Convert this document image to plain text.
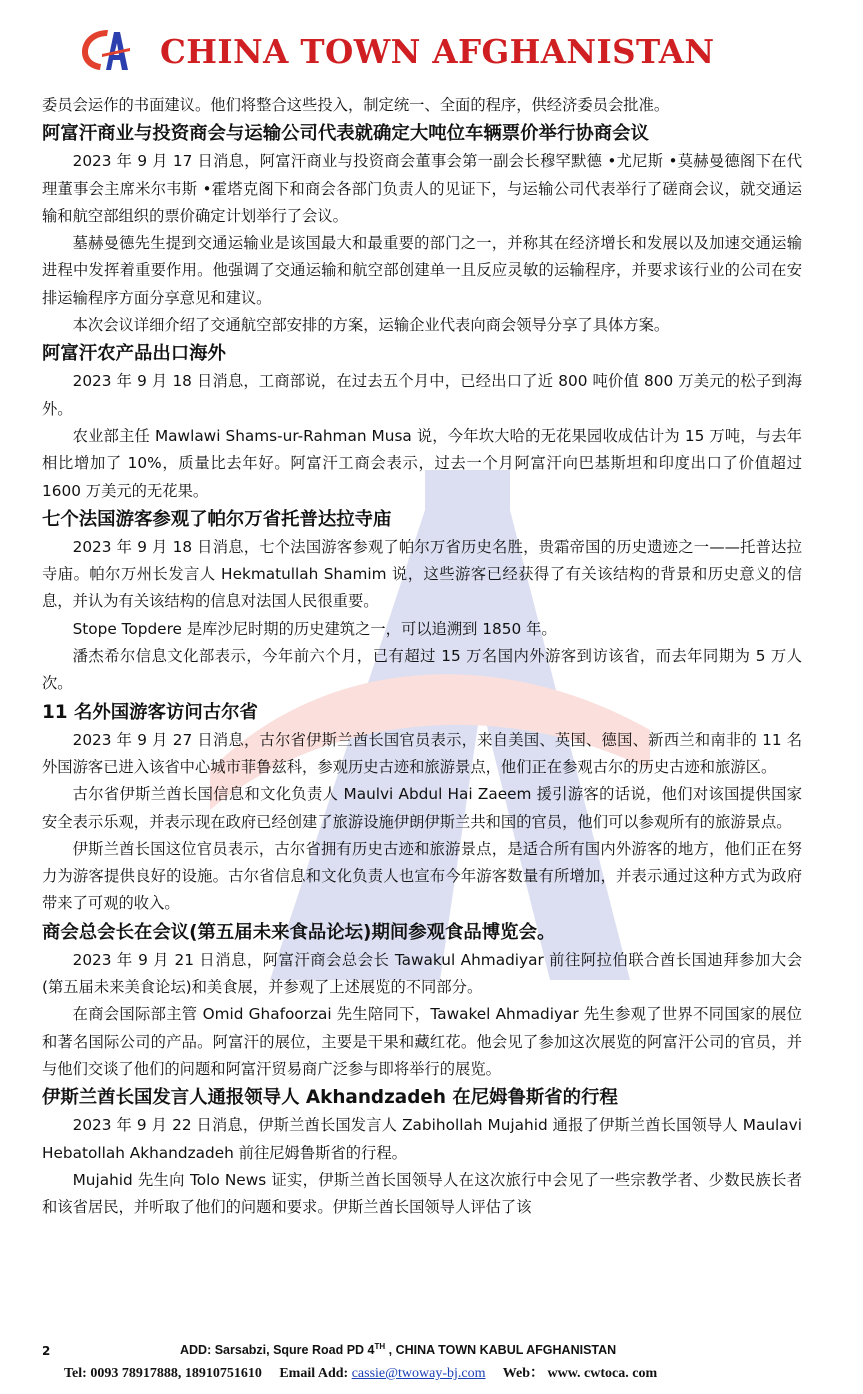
CHINA TOWN AFGHANISTAN

委员会运作的书面建议。他们将整合这些投入，制定统一、全面的程序，供经济委员会批准。

阿富汗商业与投资商会与运输公司代表就确定大吨位车辆票价举行协商会议

2023 年 9 月 17 日消息，阿富汗商业与投资商会董事会第一副会长穆罕默德 •尤尼斯 •莫赫曼德阁下在代理董事会主席米尔韦斯 •霍塔克阁下和商会各部门负责人的见证下，与运输公司代表举行了磋商会议，就交通运输和航空部组织的票价确定计划举行了会议。

墓赫曼德先生提到交通运输业是该国最大和最重要的部门之一，并称其在经济增长和发展以及加速交通运输进程中发挥着重要作用。他强调了交通运输和航空部创建单一且反应灵敏的运输程序，并要求该行业的公司在安排运输程序方面分享意见和建议。

本次会议详细介绍了交通航空部安排的方案，运输企业代表向商会领导分享了具体方案。

阿富汗农产品出口海外

2023 年 9 月 18 日消息，工商部说，在过去五个月中，已经出口了近 800 吨价值 800 万美元的松子到海外。

农业部主任 Mawlawi Shams-ur-Rahman Musa 说，今年坎大哈的无花果园收成估计为 15 万吨，与去年相比增加了 10%，质量比去年好。阿富汗工商会表示，过去一个月阿富汗向巴基斯坦和印度出口了价值超过 1600 万美元的无花果。

七个法国游客参观了帕尔万省托普达拉寺庙

2023 年 9 月 18 日消息，七个法国游客参观了帕尔万省历史名胜，贵霜帝国的历史遗迹之一——托普达拉寺庙。帕尔万州长发言人 Hekmatullah Shamim 说，这些游客已经获得了有关该结构的背景和历史意义的信息，并认为有关该结构的信息对法国人民很重要。

Stope Topdere 是库沙尼时期的历史建筑之一，可以追溯到 1850 年。

潘杰希尔信息文化部表示，今年前六个月，已有超过 15 万名国内外游客到访该省，而去年同期为 5 万人次。

11 名外国游客访问古尔省

2023 年 9 月 27 日消息，古尔省伊斯兰酋长国官员表示，来自美国、英国、德国、新西兰和南非的 11 名外国游客已进入该省中心城市菲鲁兹科，参观历史古迹和旅游景点，他们正在参观古尔的历史古迹和旅游区。

古尔省伊斯兰酋长国信息和文化负责人 Maulvi Abdul Hai Zaeem 援引游客的话说，他们对该国提供国家安全表示乐观，并表示现在政府已经创建了旅游设施伊朗伊斯兰共和国的官员，他们可以参观所有的旅游景点。

伊斯兰酋长国这位官员表示，古尔省拥有历史古迹和旅游景点，是适合所有国内外游客的地方，他们正在努力为游客提供良好的设施。古尔省信息和文化负责人也宣布今年游客数量有所增加，并表示通过这种方式为政府带来了可观的收入。

商会总会长在会议(第五届未来食品论坛)期间参观食品博览会。

2023 年 9 月 21 日消息，阿富汗商会总会长 Tawakul Ahmadiyar 前往阿拉伯联合酋长国迪拜参加大会(第五届未来美食论坛)和美食展，并参观了上述展览的不同部分。

在商会国际部主管 Omid Ghafoorzai 先生陪同下，Tawakel Ahmadiyar 先生参观了世界不同国家的展位和著名国际公司的产品。阿富汗的展位，主要是干果和藏红花。他会见了参加这次展览的阿富汗公司的官员，并与他们交谈了他们的问题和阿富汗贸易商广泛参与即将举行的展览。

伊斯兰酋长国发言人通报领导人 Akhandzadeh 在尼姆鲁斯省的行程

2023 年 9 月 22 日消息，伊斯兰酋长国发言人 Zabihollah Mujahid 通报了伊斯兰酋长国领导人 Maulavi Hebatollah Akhandzadeh 前往尼姆鲁斯省的行程。

Mujahid 先生向 Tolo News 证实，伊斯兰酋长国领导人在这次旅行中会见了一些宗教学者、少数民族长者和该省居民，并听取了他们的问题和要求。伊斯兰酋长国领导人评估了该

2	ADD: Sarsabzi, Squre Road PD 4TH , CHINA TOWN KABUL AFGHANISTAN
Tel: 0093 78917888, 18910751610 Email Add: cassie@twoway-bj.com Web： www. cwtoca. com
